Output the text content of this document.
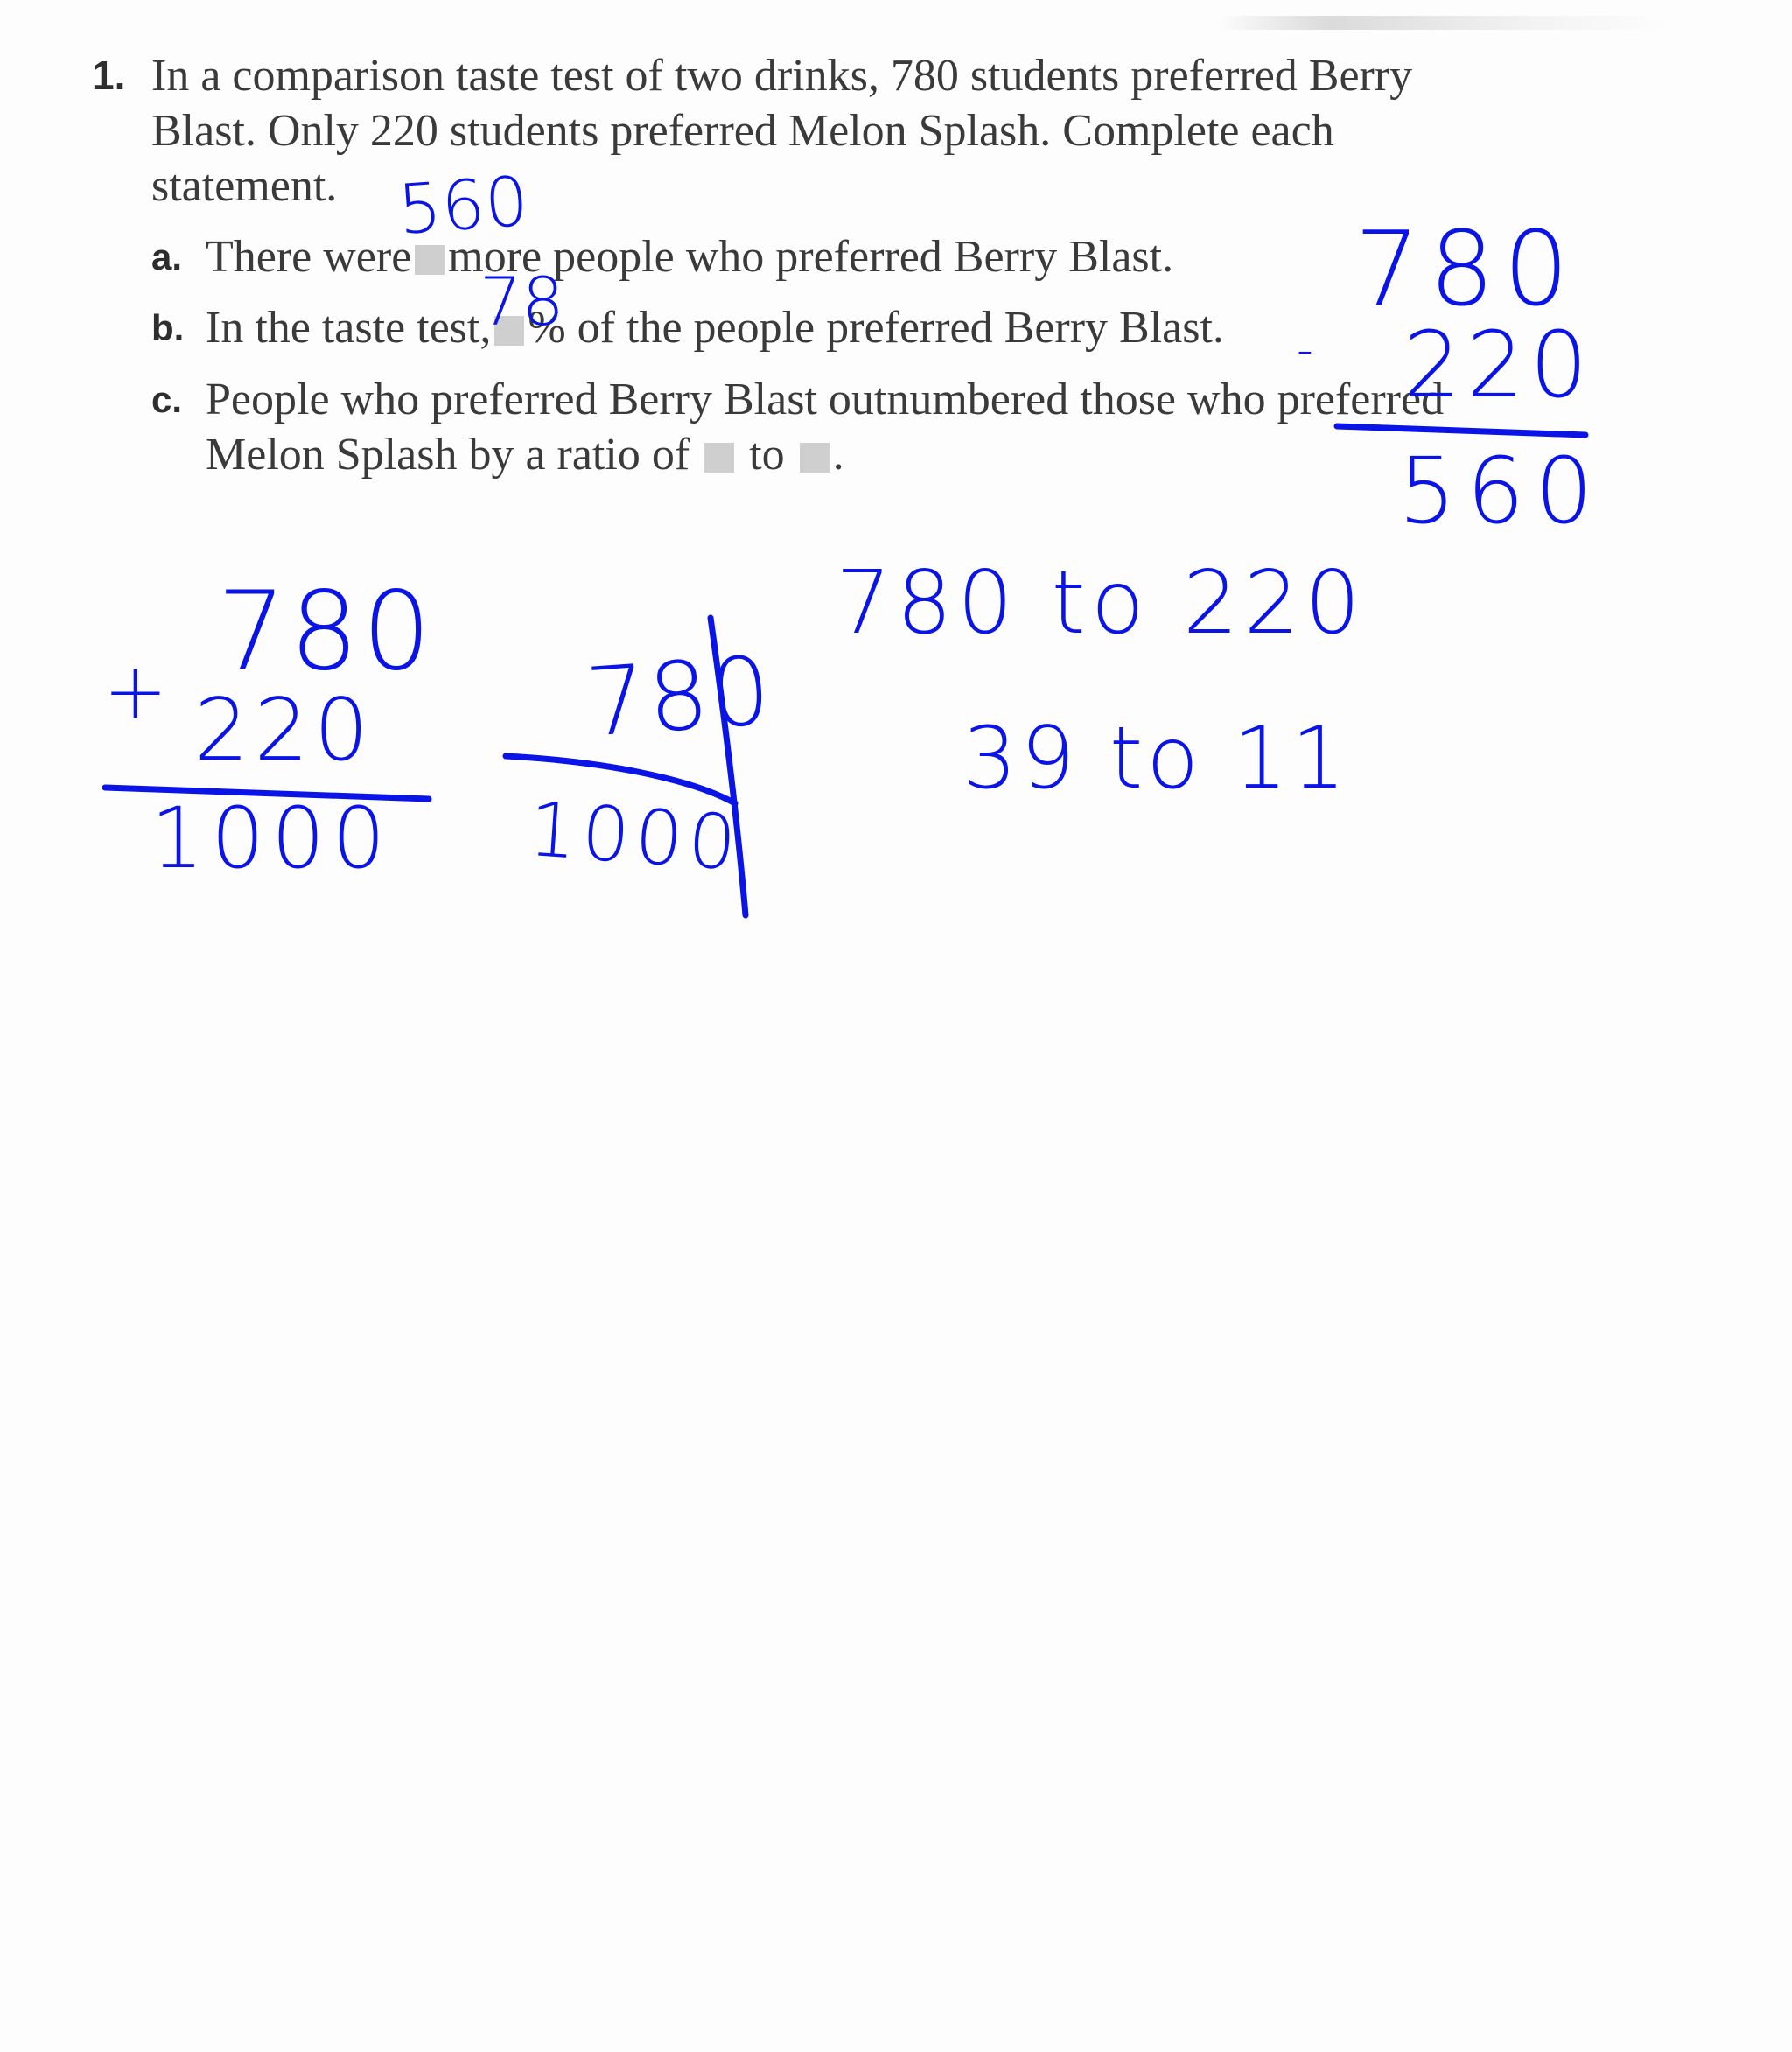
1. In a comparison taste test of two drinks, 780 students preferred Berry Blast. Only 220 students preferred Melon Splash. Complete each statement.
a. There were more people who preferred Berry Blast.
b. In the taste test, % of the people preferred Berry Blast.
c. People who preferred Berry Blast outnumbered those who preferred Melon Splash by a ratio of to .
560
78
-
780
220
560
+ 780
220
1000
780
1000
780 to 220
39 to 11
